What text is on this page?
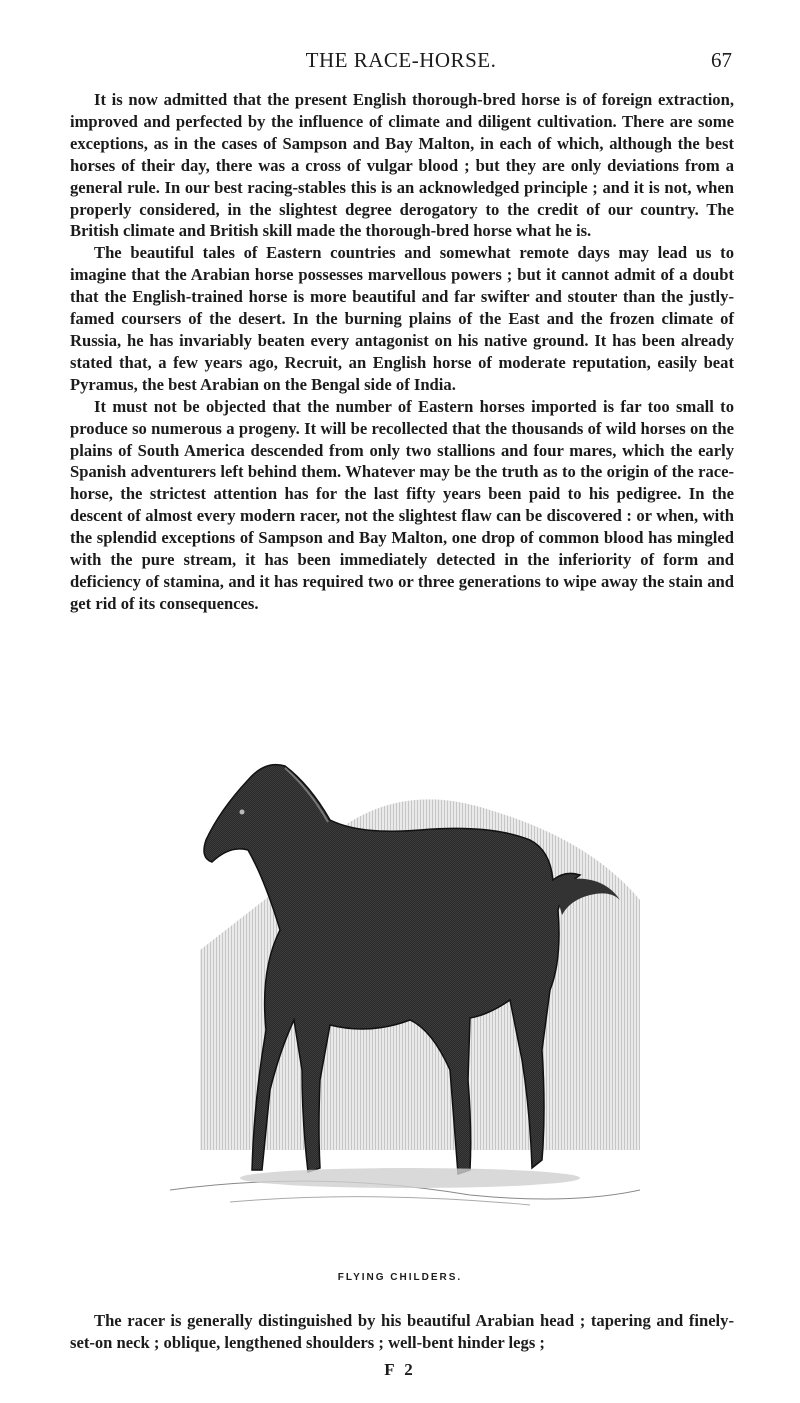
THE RACE-HORSE.	67

It is now admitted that the present English thorough-bred horse is of foreign extraction, improved and perfected by the influence of climate and diligent cultivation. There are some exceptions, as in the cases of Sampson and Bay Malton, in each of which, although the best horses of their day, there was a cross of vulgar blood ; but they are only deviations from a general rule. In our best racing-stables this is an acknowledged principle ; and it is not, when properly considered, in the slightest degree derogatory to the credit of our country. The British climate and British skill made the thorough-bred horse what he is.

The beautiful tales of Eastern countries and somewhat remote days may lead us to imagine that the Arabian horse possesses marvellous powers ; but it cannot admit of a doubt that the English-trained horse is more beautiful and far swifter and stouter than the justly-famed coursers of the desert. In the burning plains of the East and the frozen climate of Russia, he has invariably beaten every antagonist on his native ground. It has been already stated that, a few years ago, Recruit, an English horse of moderate reputation, easily beat Pyramus, the best Arabian on the Bengal side of India.

It must not be objected that the number of Eastern horses imported is far too small to produce so numerous a progeny. It will be recollected that the thousands of wild horses on the plains of South America descended from only two stallions and four mares, which the early Spanish adventurers left behind them. Whatever may be the truth as to the origin of the race-horse, the strictest attention has for the last fifty years been paid to his pedigree. In the descent of almost every modern racer, not the slightest flaw can be discovered : or when, with the splendid exceptions of Sampson and Bay Malton, one drop of common blood has mingled with the pure stream, it has been immediately detected in the inferiority of form and deficiency of stamina, and it has required two or three generations to wipe away the stain and get rid of its consequences.

FLYING CHILDERS.

The racer is generally distinguished by his beautiful Arabian head ; tapering and finely-set-on neck ; oblique, lengthened shoulders ; well-bent hinder legs ;

F 2
